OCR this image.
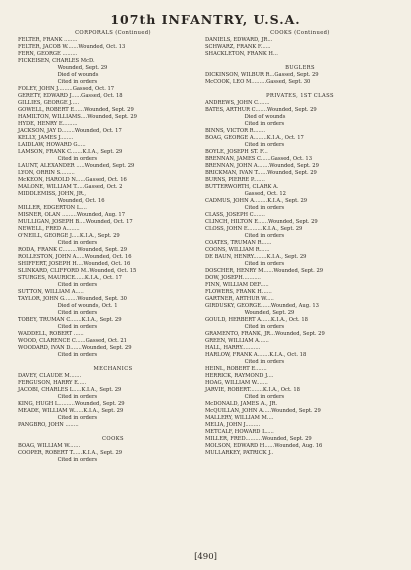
107th INFANTRY, U.S.A.
CORPORALS (Continued)
FELTER, FRANK ........
FELTER, JACOB W.......Wounded, Oct. 13
FERN, GEORGE .........
FICKEISEN, CHARLES McD.
Wounded, Sept. 29
Died of wounds
Cited in orders
FOLEY, JOHN J.........Gassed, Oct. 17
GERETY, EDWARD J......Gassed, Oct. 18
GILLIES, GEORGE J.....
GOWELL, ROBERT E......Wounded, Sept. 29
HAMILTON, WILLIAMS....Wounded, Sept. 29
HYDE, HENRY E.........
JACKSON, JAY D........Wounded, Oct. 17
KELLY, JAMES J........
LAIDLAW, HOWARD G.....
LAMSON, FRANK C.......K.I.A., Sept. 29
Cited in orders
LAUNT, ALEXANDER .....Wounded, Sept. 29
LYON, ORRIN S.........
McKEON, HAROLD N......Gassed, Oct. 16
MALONE, WILLIAM T.....Gassed, Oct. 2
MIDDLEMISS, JOHN, JR.,
Wounded, Oct. 16
MILLER, EDGERTON L....
MISNER, OLAN .........Wounded, Aug. 17
MULLIGAN, JOSEPH B....Wounded, Oct. 17
NEWELL, FRED A........
O'NEILL, GEORGE J.....K.I.A., Sept. 29
Cited in orders
RODA, FRANK C.........Wounded, Sept. 29
ROLLESTON, JOHN A.....Wounded, Oct. 16
SHIFFERT, JOSEPH H....Wounded, Oct. 16
SLINKARD, CLIFFORD M..Wounded, Oct. 15
STURGES, MAURICE......K.I.A., Oct. 17
Cited in orders
SUTTON, WILLIAM A.....
TAYLOR, JOHN G........Wounded, Sept. 30
Died of wounds, Oct. 1
Cited in orders
TOBEY, TRUMAN C.......K.I.A., Sept. 29
Cited in orders
WADDELL, ROBERT ......
WOOD, CLARENCE C......Gassed, Oct. 21
WOODARD, IVAN D.......Wounded, Sept. 29
Cited in orders
MECHANICS
DAVEY, CLAUDE M.......
FERGUSON, HARRY E.....
JACOBI, CHARLES L.....K.I.A., Sept. 29
Cited in orders
KING, HUGH L..........Wounded, Sept. 29
MEADE, WILLIAM W......K.I.A., Sept. 29
Cited in orders
PANGBRO, JOHN ........
COOKS
BOAG, WILLIAM W.......
COOPER, ROBERT T......K.I.A., Sept. 29
Cited in orders
COOKS (Continued)
DANIELS, EDWARD, JR...
SCHWARZ, FRANK F......
SHACKLETON, FRANK H...
BUGLERS
DICKINSON, WILBUR R...Gassed, Sept. 29
McCOOK, LEO M.........Gassed, Sept. 30
PRIVATES, 1ST CLASS
ANDREWS, JOHN C.......
BATES, ARTHUR C.......Wounded, Sept. 29
Died of wounds
Cited in orders
BINNS, VICTOR R.......
BOAG, GEORGE A........K.I.A., Oct. 17
Cited in orders
BOYLE, JOSEPH ST. F...
BRENNAN, JAMES C......Gassed, Oct. 13
BRENNAN, JOHN A.......Wounded, Sept. 29
BRICKMAN, IVAN T......Wounded, Sept. 29
BURNS, PIERRE P.......
BUTTERWORTH, CLARK A.
Gassed, Oct. 12
CADMUS, JOHN A........K.I.A., Sept. 29
Cited in orders
CLASS, JOSEPH C.......
CLINCH, HILTON E......Wounded, Sept. 29
CLOSS, JOHN E.........K.I.A., Sept. 29
Cited in orders
COATES, TRUMAN R......
COONS, WILLIAM R......
DE BAUN, HENRY........K.I.A., Sept. 29
Cited in orders
DOSCHER, HENRY M......Wounded, Sept. 29
DOW, JOSEPH...........
FINN, WILLIAM DEF.....
FLOWERS, FRANK H......
GARTNER, ARTHUR W.....
GIRDUSKY, GEORGE......Wounded, Aug. 13
Wounded, Sept. 29
GOULD, HERBERT A......K.I.A., Oct. 18
Cited in orders
GRAMENTO, FRANK, JR...Wounded, Sept. 29
GREEN, WILLIAM A......
HALL, HARRY...........
HARLOW, FRANK A.......K.I.A., Oct. 18
Cited in orders
HEINL, ROBERT E.......
HERRICK, RAYMOND J....
HOAG, WILLIAM W.......
JARVIE, ROBERT........K.I.A., Oct. 18
Cited in orders
McDONALD, JAMES A., JR.
McQUILLAN, JOHN A.....Wounded, Sept. 29
MALLERY, WILLIAM M....
MELIA, JOHN J.........
METCALF, HOWARD L.....
MILLER, FRED..........Wounded, Sept. 29
MOLSON, EDWARD H......Wounded, Aug. 16
MULLARKEY, PATRICK J..
[490]
